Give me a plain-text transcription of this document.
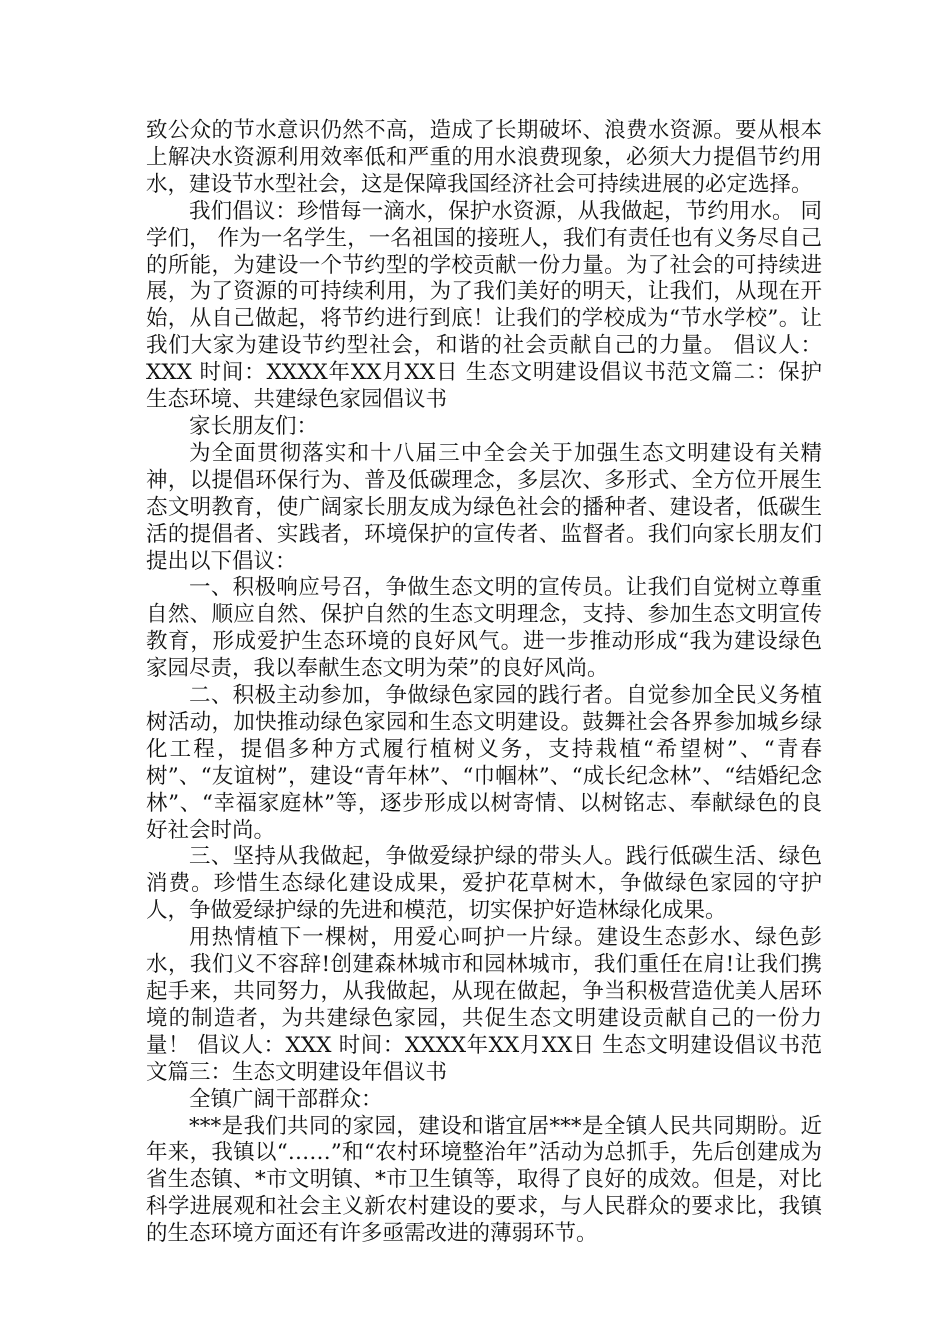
致公众的节水意识仍然不高，造成了长期破坏、浪费水资源。要从根本上解决水资源利用效率低和严重的用水浪费现象，必须大力提倡节约用水，建设节水型社会，这是保障我国经济社会可持续进展的必定选择。

我们倡议：珍惜每一滴水，保护水资源，从我做起，节约用水。 同学们， 作为一名学生，一名祖国的接班人，我们有责任也有义务尽自己的所能，为建设一个节约型的学校贡献一份力量。为了社会的可持续进展，为了资源的可持续利用，为了我们美好的明天，让我们，从现在开始，从自己做起，将节约进行到底！让我们的学校成为“节水学校”。让我们大家为建设节约型社会，和谐的社会贡献自己的力量。 倡议人：XXX 时间：XXXX年XX月XX日 生态文明建设倡议书范文篇二：保护生态环境、共建绿色家园倡议书

家长朋友们：

为全面贯彻落实和十八届三中全会关于加强生态文明建设有关精神，以提倡环保行为、普及低碳理念，多层次、多形式、全方位开展生态文明教育，使广阔家长朋友成为绿色社会的播种者、建设者，低碳生活的提倡者、实践者，环境保护的宣传者、监督者。我们向家长朋友们提出以下倡议：

一、积极响应号召，争做生态文明的宣传员。让我们自觉树立尊重自然、顺应自然、保护自然的生态文明理念，支持、参加生态文明宣传教育，形成爱护生态环境的良好风气。进一步推动形成“我为建设绿色家园尽责，我以奉献生态文明为荣”的良好风尚。

二、积极主动参加，争做绿色家园的践行者。自觉参加全民义务植树活动，加快推动绿色家园和生态文明建设。鼓舞社会各界参加城乡绿化工程，提倡多种方式履行植树义务，支持栽植“希望树”、“青春树”、“友谊树”，建设“青年林”、“巾帼林”、“成长纪念林”、“结婚纪念林”、“幸福家庭林”等，逐步形成以树寄情、以树铭志、奉献绿色的良好社会时尚。

三、坚持从我做起，争做爱绿护绿的带头人。践行低碳生活、绿色消费。珍惜生态绿化建设成果，爱护花草树木，争做绿色家园的守护人，争做爱绿护绿的先进和模范，切实保护好造林绿化成果。

用热情植下一棵树，用爱心呵护一片绿。建设生态彭水、绿色彭水，我们义不容辞!创建森林城市和园林城市，我们重任在肩!让我们携起手来，共同努力，从我做起，从现在做起，争当积极营造优美人居环境的制造者，为共建绿色家园，共促生态文明建设贡献自己的一份力量！ 倡议人：XXX 时间：XXXX年XX月XX日 生态文明建设倡议书范文篇三：生态文明建设年倡议书

全镇广阔干部群众：

***是我们共同的家园，建设和谐宜居***是全镇人民共同期盼。近年来，我镇以“……”和“农村环境整治年”活动为总抓手，先后创建成为省生态镇、*市文明镇、*市卫生镇等，取得了良好的成效。但是，对比科学进展观和社会主义新农村建设的要求，与人民群众的要求比，我镇的生态环境方面还有许多亟需改进的薄弱环节。
